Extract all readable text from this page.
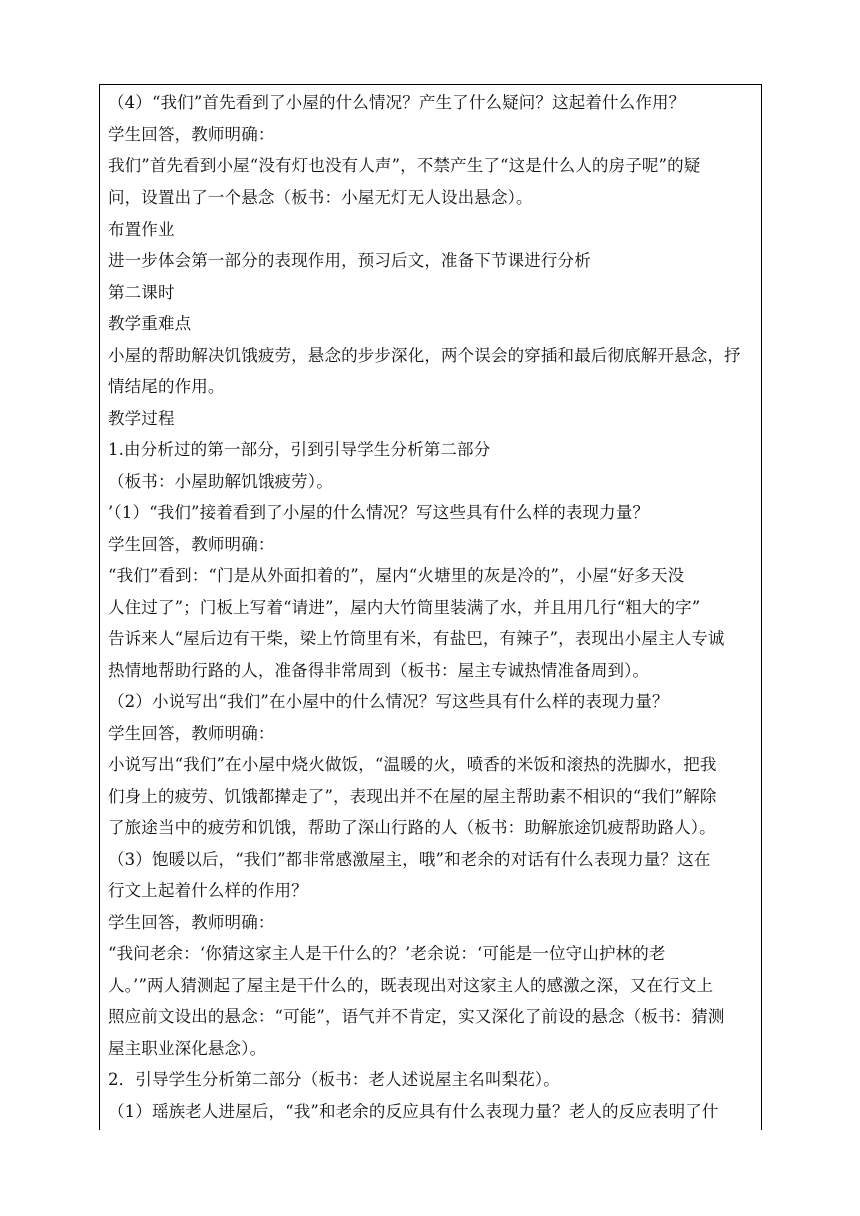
（4）“我们”首先看到了小屋的什么情况？产生了什么疑问？这起着什么作用？
学生回答，教师明确：
我们”首先看到小屋“没有灯也没有人声”，不禁产生了“这是什么人的房子呢”的疑
问，设置出了一个悬念（板书：小屋无灯无人设出悬念）。
布置作业
进一步体会第一部分的表现作用，预习后文，准备下节课进行分析
第二课时
教学重难点
小屋的帮助解决饥饿疲劳，悬念的步步深化，两个误会的穿插和最后彻底解开悬念，抒
情结尾的作用。
教学过程
1.由分析过的第一部分，引到引导学生分析第二部分
（板书：小屋助解饥饿疲劳）。
’（1）“我们”接着看到了小屋的什么情况？写这些具有什么样的表现力量？
学生回答，教师明确：
“我们”看到：“门是从外面扣着的”，屋内“火塘里的灰是冷的”，小屋“好多天没
人住过了”；门板上写着“请进”，屋内大竹筒里装满了水，并且用几行“粗大的字”
告诉来人“屋后边有干柴，梁上竹筒里有米，有盐巴，有辣子”，表现出小屋主人专诚
热情地帮助行路的人，准备得非常周到（板书：屋主专诚热情准备周到）。
（2）小说写出“我们”在小屋中的什么情况？写这些具有什么样的表现力量？
学生回答，教师明确：
小说写出“我们”在小屋中烧火做饭，“温暖的火，喷香的米饭和滚热的洗脚水，把我
们身上的疲劳、饥饿都撵走了”，表现出并不在屋的屋主帮助素不相识的“我们”解除
了旅途当中的疲劳和饥饿，帮助了深山行路的人（板书：助解旅途饥疲帮助路人）。
（3）饱暖以后，“我们”都非常感激屋主，哦”和老余的对话有什么表现力量？这在
行文上起着什么样的作用？
学生回答，教师明确：
“我问老余：‘你猜这家主人是干什么的？’老余说：‘可能是一位守山护林的老
人。’”两人猜测起了屋主是干什么的，既表现出对这家主人的感激之深，又在行文上
照应前文设出的悬念：“可能”，语气并不肯定，实又深化了前设的悬念（板书：猜测
屋主职业深化悬念）。
2．引导学生分析第二部分（板书：老人述说屋主名叫梨花）。
（1）瑶族老人进屋后，“我”和老余的反应具有什么表现力量？老人的反应表明了什
